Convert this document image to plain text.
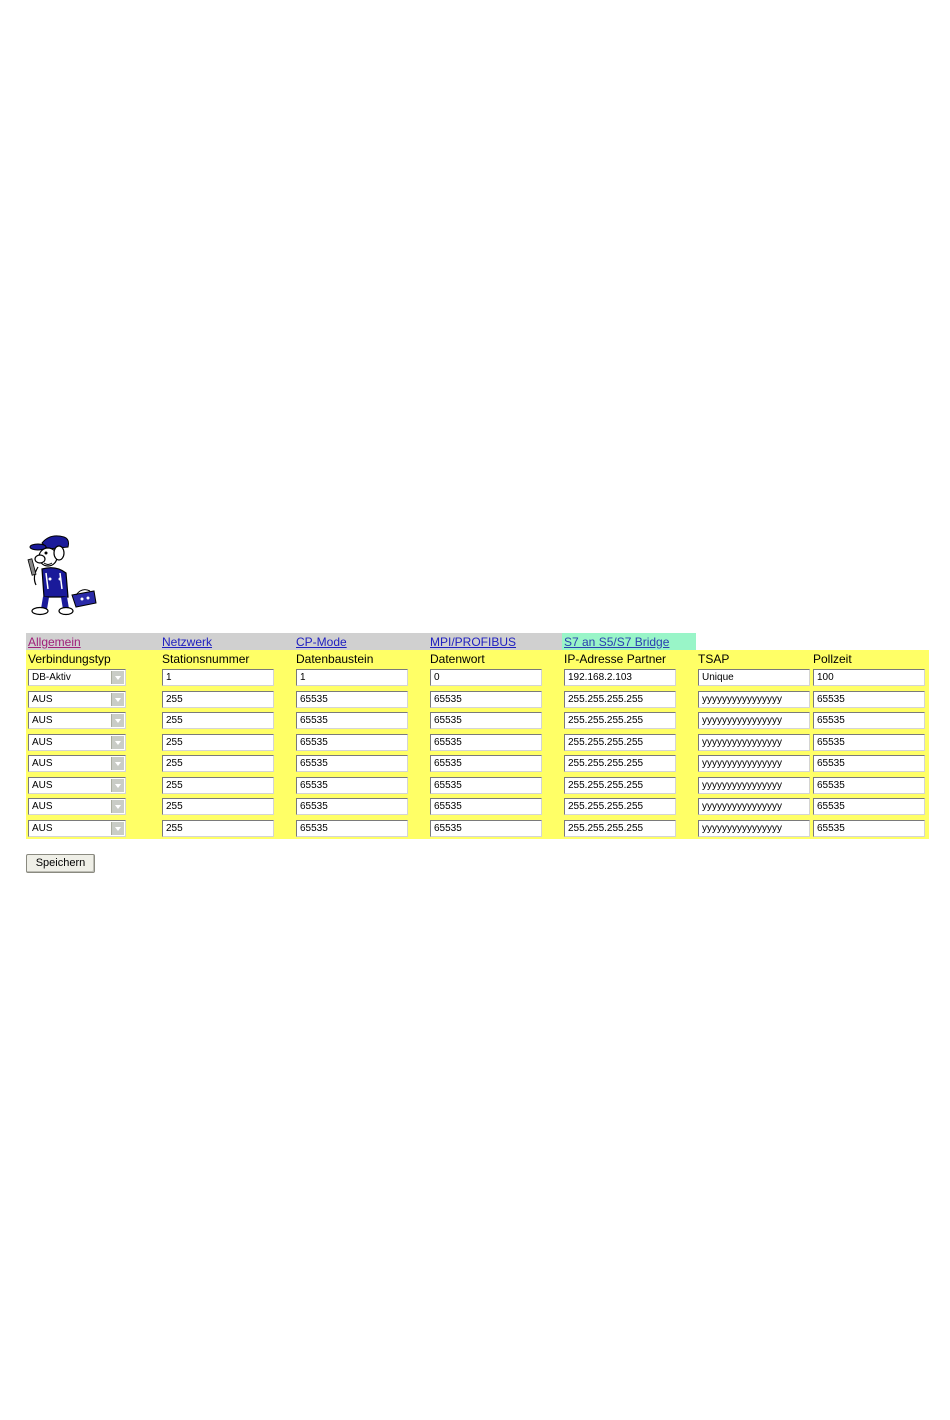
Allgemein	Netzwerk	CP-Mode	MPI/PROFIBUS	S7 an S5/S7 Bridge		
Verbindungstyp	Stationsnummer	Datenbaustein	Datenwort	IP-Adresse Partner	TSAP	Pollzeit

DB-Aktiv	1	1	0	192.168.2.103	Unique	100

AUS	255	65535	65535	255.255.255.255	yyyyyyyyyyyyyyyy	65535

AUS	255	65535	65535	255.255.255.255	yyyyyyyyyyyyyyyy	65535

AUS	255	65535	65535	255.255.255.255	yyyyyyyyyyyyyyyy	65535

AUS	255	65535	65535	255.255.255.255	yyyyyyyyyyyyyyyy	65535

AUS	255	65535	65535	255.255.255.255	yyyyyyyyyyyyyyyy	65535

AUS	255	65535	65535	255.255.255.255	yyyyyyyyyyyyyyyy	65535

AUS	255	65535	65535	255.255.255.255	yyyyyyyyyyyyyyyy	65535
Speichern
